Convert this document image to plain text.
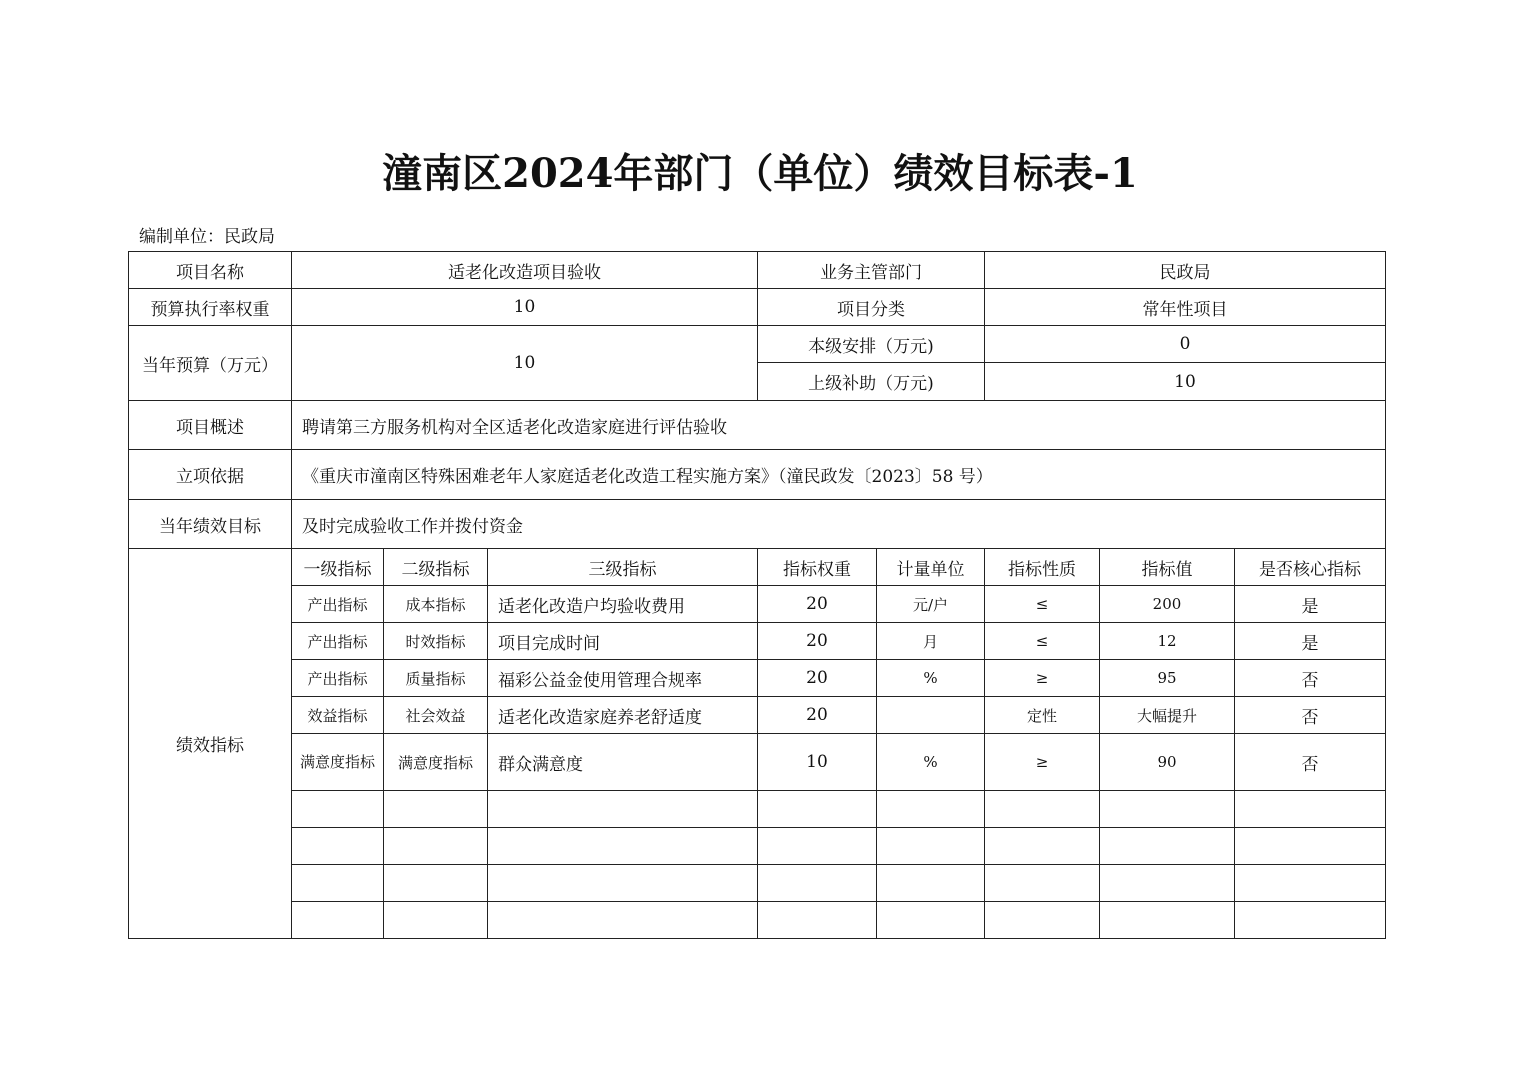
潼南区2024年部门（单位）绩效目标表-1
编制单位：民政局
项目名称	适老化改造项目验收			业务主管部门		民政局		
预算执行率权重	10			项目分类		常年性项目		
当年预算（万元）	10			本级安排（万元)		0		
				上级补助（万元)		10		
项目概述	聘请第三方服务机构对全区适老化改造家庭进行评估验收							
立项依据	《重庆市潼南区特殊困难老年人家庭适老化改造工程实施方案》（潼民政发〔2023〕58 号）							
当年绩效目标	及时完成验收工作并拨付资金							
绩效指标	一级指标	二级指标	三级指标	指标权重	计量单位	指标性质	指标值	是否核心指标
	产出指标	成本指标	适老化改造户均验收费用	20	元/户	≤	200	是
	产出指标	时效指标	项目完成时间	20	月	≤	12	是
	产出指标	质量指标	福彩公益金使用管理合规率	20	%	≥	95	否
	效益指标	社会效益	适老化改造家庭养老舒适度	20		定性	大幅提升	否
	满意度指标	满意度指标	群众满意度	10	%	≥	90	否
